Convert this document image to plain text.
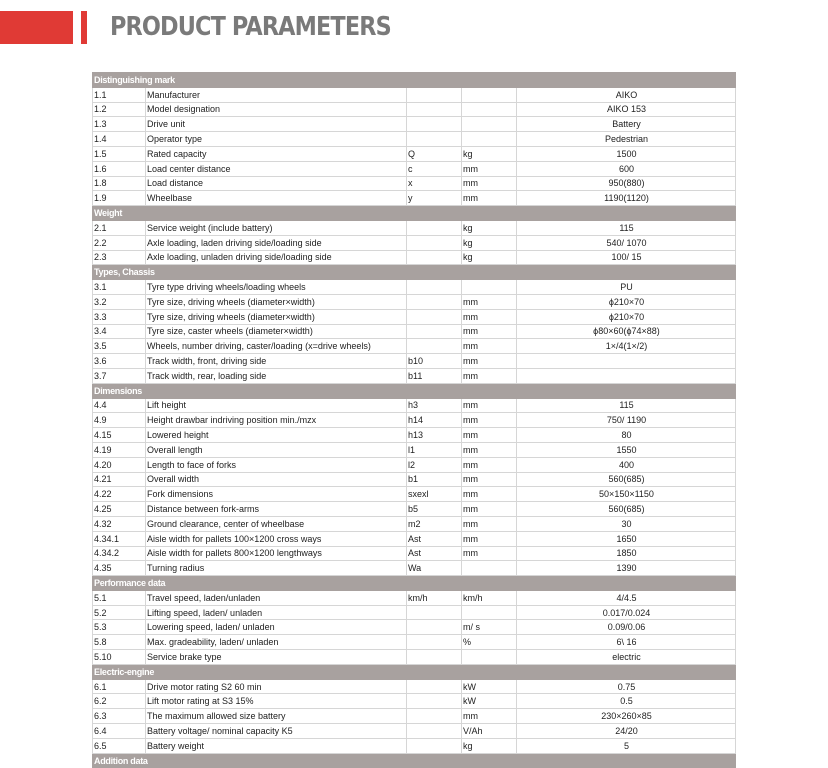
PRODUCT PARAMETERS
Distinguishing mark				
1.1	Manufacturer			AIKO
1.2	Model designation			AIKO 153
1.3	Drive unit			Battery
1.4	Operator type			Pedestrian
1.5	Rated capacity	Q	kg	1500
1.6	Load center distance	c	mm	600
1.8	Load distance	x	mm	950(880)
1.9	Wheelbase	y	mm	1190(1120)
Weight				
2.1	Service weight (include battery)		kg	115
2.2	Axle loading, laden driving side/loading side		kg	540/ 1070
2.3	Axle loading, unladen driving side/loading side		kg	100/ 15
Types, Chassis				
3.1	Tyre type driving wheels/loading wheels			PU
3.2	Tyre size, driving wheels (diameter×width)		mm	ϕ210×70
3.3	Tyre size, driving wheels (diameter×width)		mm	ϕ210×70
3.4	Tyre size, caster wheels (diameter×width)		mm	ϕ80×60(ϕ74×88)
3.5	Wheels, number driving, caster/loading (x=drive wheels)		mm	1×/4(1×/2)
3.6	Track width, front, driving side	b10	mm	
3.7	Track width, rear, loading side	b11	mm	
Dimensions				
4.4	Lift height	h3	mm	115
4.9	Height drawbar indriving position min./mzx	h14	mm	750/ 1190
4.15	Lowered height	h13	mm	80
4.19	Overall length	l1	mm	1550
4.20	Length to face of forks	l2	mm	400
4.21	Overall width	b1	mm	560(685)
4.22	Fork dimensions	sxexl	mm	50×150×1150
4.25	Distance between fork-arms	b5	mm	560(685)
4.32	Ground clearance, center of wheelbase	m2	mm	30
4.34.1	Aisle width for pallets 100×1200 cross ways	Ast	mm	1650
4.34.2	Aisle width for pallets 800×1200 lengthways	Ast	mm	1850
4.35	Turning radius	Wa		1390
Performance data				
5.1	Travel speed, laden/unladen	km/h	km/h	4/4.5
5.2	Lifting speed, laden/ unladen			0.017/0.024
5.3	Lowering speed, laden/ unladen		m/ s	0.09/0.06
5.8	Max. gradeability, laden/ unladen		%	6\ 16
5.10	Service brake type			electric
Electric-engine				
6.1	Drive motor rating S2 60 min		kW	0.75
6.2	Lift motor rating at S3 15%		kW	0.5
6.3	The maximum allowed size battery		mm	230×260×85
6.4	Battery voltage/ nominal capacity K5		V/Ah	24/20
6.5	Battery weight		kg	5
Addition data				
